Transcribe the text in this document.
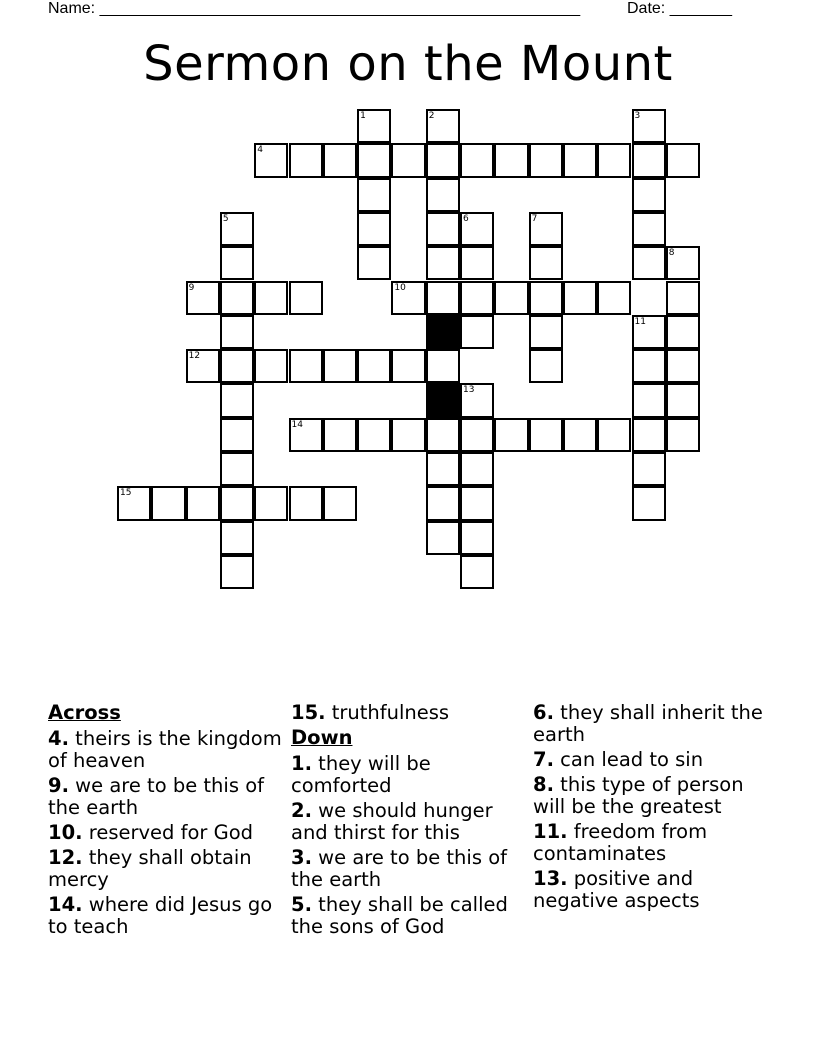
Name: ______________________________________________________	Date: _______
Sermon on the Mount
1	2	3
4
5	6	7
8
9	10
11
12
13
14
15
Across
4. theirs is the kingdom of heaven
9. we are to be this of the earth
10. reserved for God
12. they shall obtain mercy
14. where did Jesus go to teach
15. truthfulness
Down
1. they will be comforted
2. we should hunger and thirst for this
3. we are to be this of the earth
5. they shall be called the sons of God
6. they shall inherit the earth
7. can lead to sin
8. this type of person will be the greatest
11. freedom from contaminates
13. positive and negative aspects
